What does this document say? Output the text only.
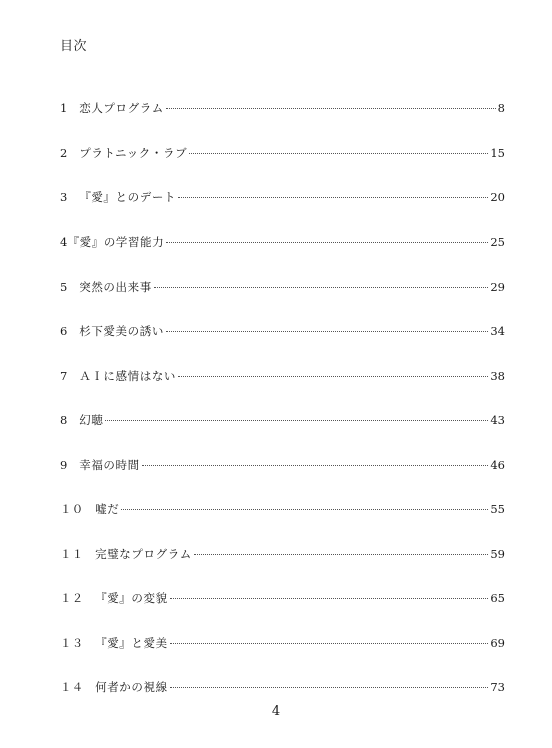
目次
1　 恋人プログラム	8
2　 プラトニック・ラブ	15
3　 『愛』とのデート	20
4 『愛』の学習能力	25
5　 突然の出来事	29
6　 杉下愛美の誘い	34
7　 ＡＩに感情はない	38
8　 幻聴	43
9　 幸福の時間	46
１０　 嘘だ	55
１１　 完璧なプログラム	59
１２　 『愛』の変貌	65
１３　 『愛』と愛美	69
１４　 何者かの視線	73
4
